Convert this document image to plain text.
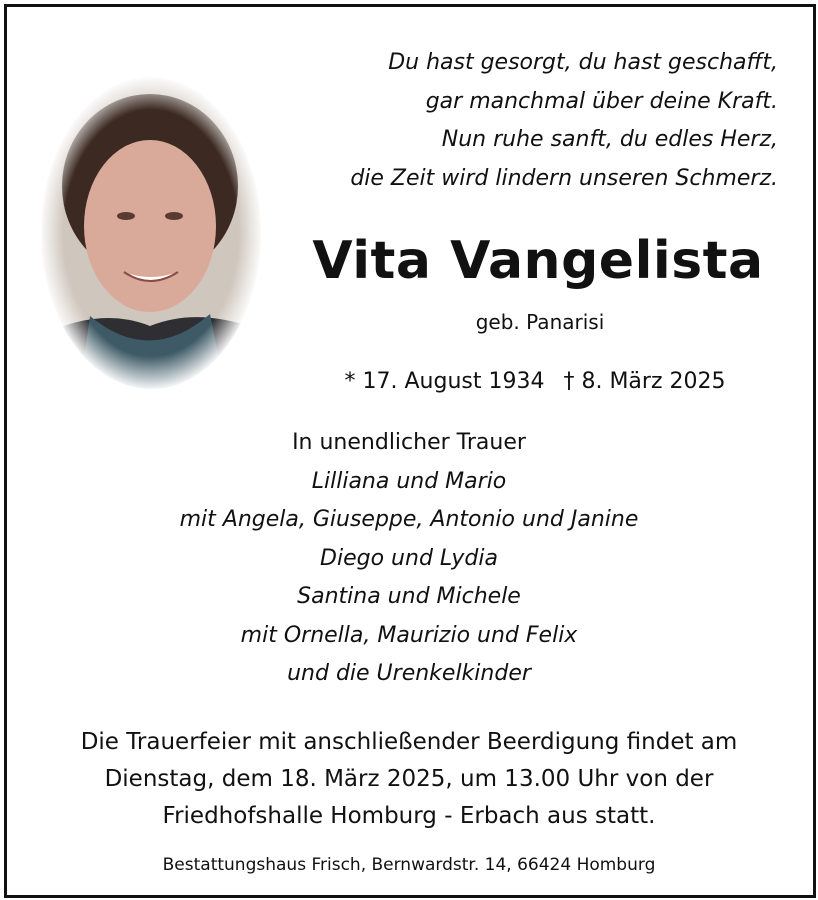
Du hast gesorgt, du hast geschafft,
gar manchmal über deine Kraft.
Nun ruhe sanft, du edles Herz,
die Zeit wird lindern unseren Schmerz.
Vita Vangelista
geb. Panarisi
* 17. August 1934 † 8. März 2025
In unendlicher Trauer
Lilliana und Mario
mit Angela, Giuseppe, Antonio und Janine
Diego und Lydia
Santina und Michele
mit Ornella, Maurizio und Felix
und die Urenkelkinder
Die Trauerfeier mit anschließender Beerdigung findet am
Dienstag, dem 18. März 2025, um 13.00 Uhr von der
Friedhofshalle Homburg - Erbach aus statt.
Bestattungshaus Frisch, Bernwardstr. 14, 66424 Homburg
